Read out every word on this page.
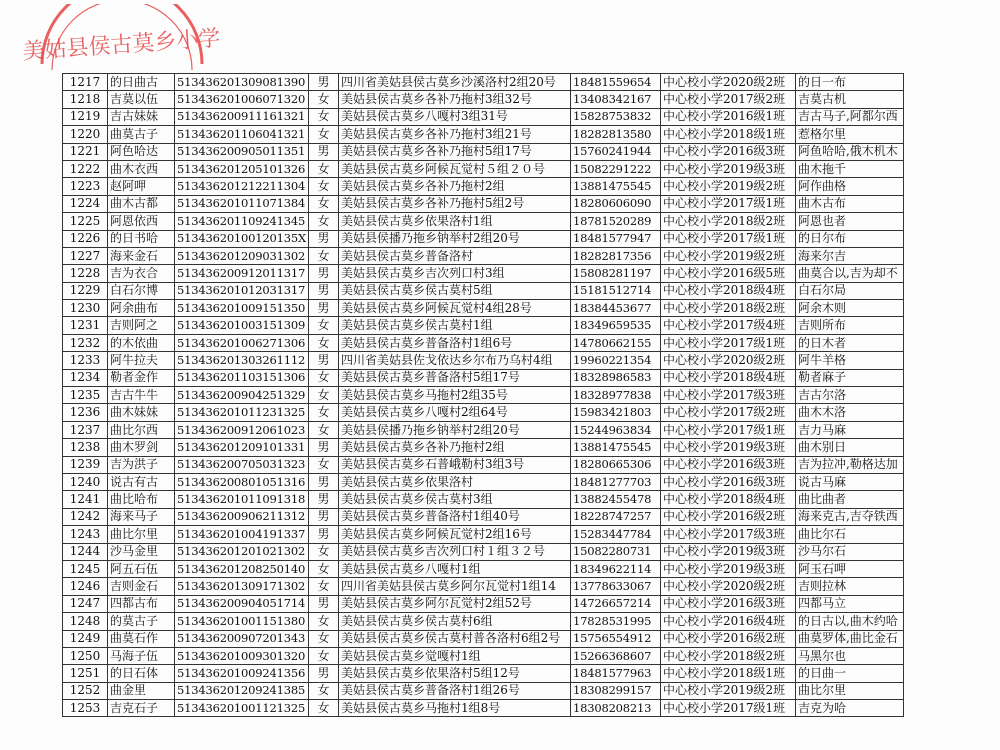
美姑县侯古莫乡小学
1217	的日曲古	513436201309081390	男	四川省美姑县侯古莫乡沙溪洛村2组20号	18481559654	中心校小学2020级2班	的日一布
1218	吉莫以伍	513436201006071320	女	美姑县侯古莫乡各补乃拖村3组32号	13408342167	中心校小学2017级2班	吉莫古机
1219	吉古妹妹	513436200911161321	女	美姑县侯古莫乡八嘎村3组31号	15828753832	中心校小学2016级1班	吉古马子,阿都尔西
1220	曲莫古子	513436201106041321	女	美姑县侯古莫乡各补乃拖村3组21号	18282813580	中心校小学2018级1班	惹格尔里
1221	阿色哈达	513436200905011351	男	美姑县侯古莫乡各补乃拖村5组17号	15760241944	中心校小学2016级3班	阿鱼哈哈,俄木机木
1222	曲木衣西	513436201205101326	女	美姑县侯古莫乡阿候瓦觉村５组２０号	15082291222	中心校小学2019级3班	曲木拖千
1223	赵阿呷	513436201212211304	女	美姑县侯古莫乡各补乃拖村2组	13881475545	中心校小学2019级2班	阿作曲格
1224	曲木古都	513436201011071384	女	美姑县侯古莫乡各补乃拖村5组2号	18280606090	中心校小学2017级1班	曲木古布
1225	阿恩依西	513436201109241345	女	美姑县侯古莫乡依果洛村1组	18781520289	中心校小学2018级2班	阿恩也者
1226	的日书哈	51343620100120135X	男	美姑县侯播乃拖乡钠举村2组20号	18481577947	中心校小学2017级1班	的日尔布
1227	海来金石	513436201209031302	女	美姑县侯古莫乡普备洛村	18282817356	中心校小学2019级2班	海来尔吉
1228	吉为衣合	513436200912011317	男	美姑县侯古莫乡吉次列口村3组	15808281197	中心校小学2016级5班	曲莫合以,吉为却不
1229	白石尔博	513436201012031317	男	美姑县侯古莫乡侯古莫村5组	15181512714	中心校小学2018级4班	白石尔局
1230	阿余曲布	513436201009151350	男	美姑县侯古莫乡阿候瓦觉村4组28号	18384453677	中心校小学2018级2班	阿余木则
1231	吉则阿之	513436201003151309	女	美姑县侯古莫乡侯古莫村1组	18349659535	中心校小学2017级4班	吉则所布
1232	的木依曲	513436201006271306	女	美姑县侯古莫乡普备洛村1组6号	14780662155	中心校小学2017级1班	的日木者
1233	阿牛拉夫	513436201303261112	男	四川省美姑县佐戈依达乡尔布乃乌村4组	19960221354	中心校小学2020级2班	阿牛羊格
1234	勒者金作	513436201103151306	女	美姑县侯古莫乡普备洛村5组17号	18328986583	中心校小学2018级4班	勒者麻子
1235	吉古牛牛	513436200904251329	女	美姑县侯古莫乡马拖村2组35号	18328977838	中心校小学2017级3班	吉古尔洛
1236	曲木妹妹	513436201011231325	女	美姑县侯古莫乡八嘎村2组64号	15983421803	中心校小学2017级2班	曲木木洛
1237	曲比尔西	513436200912061023	女	美姑县侯播乃拖乡钠举村2组20号	15244963834	中心校小学2017级1班	吉力马麻
1238	曲木罗剑	513436201209101331	男	美姑县侯古莫乡各补乃拖村2组	13881475545	中心校小学2019级3班	曲木别日
1239	吉为洪子	513436200705031323	女	美姑县侯古莫乡石普峨勒村3组3号	18280665306	中心校小学2016级3班	吉为拉冲,勒格达加
1240	说古有古	513436200801051316	男	美姑县侯古莫乡依果洛村	18481277703	中心校小学2016级3班	说古马麻
1241	曲比哈布	513436201011091318	男	美姑县侯古莫乡侯古莫村3组	13882455478	中心校小学2018级4班	曲比曲者
1242	海来马子	513436200906211312	男	美姑县侯古莫乡普备洛村1组40号	18228747257	中心校小学2016级2班	海来克古,吉夺铁西
1243	曲比尔里	513436201004191337	男	美姑县侯古莫乡阿候瓦觉村2组16号	15283447784	中心校小学2017级3班	曲比尔石
1244	沙马金里	513436201201021302	女	美姑县侯古莫乡吉次列口村１组３２号	15082280731	中心校小学2019级3班	沙马尔石
1245	阿五石伍	513436201208250140	女	美姑县侯古莫乡八嘎村1组	18349622114	中心校小学2019级3班	阿玉石呷
1246	吉则金石	513436201309171302	女	四川省美姑县侯古莫乡阿尔瓦觉村1组14	13778633067	中心校小学2020级2班	吉则拉林
1247	四都古布	513436200904051714	男	美姑县侯古莫乡阿尔瓦觉村2组52号	14726657214	中心校小学2016级3班	四都马立
1248	的莫古子	513436201001151380	女	美姑县侯古莫乡侯古莫村6组	17828531995	中心校小学2016级4班	的日古以,曲木约哈
1249	曲莫石作	513436200907201343	女	美姑县侯古莫乡侯古莫村普各洛村6组2号	15756554912	中心校小学2016级2班	曲莫罗体,曲比金石
1250	马海子伍	513436201009301320	女	美姑县侯古莫乡觉嘎村1组	15266368607	中心校小学2018级2班	马黑尔也
1251	的日石体	513436201009241356	男	美姑县侯古莫乡依果洛村5组12号	18481577963	中心校小学2018级1班	的日曲一
1252	曲金里	513436201209241385	女	美姑县侯古莫乡普备洛村1组26号	18308299157	中心校小学2019级2班	曲比尔里
1253	吉克石子	513436201001121325	女	美姑县侯古莫乡马拖村1组8号	18308208213	中心校小学2017级1班	吉克为哈
